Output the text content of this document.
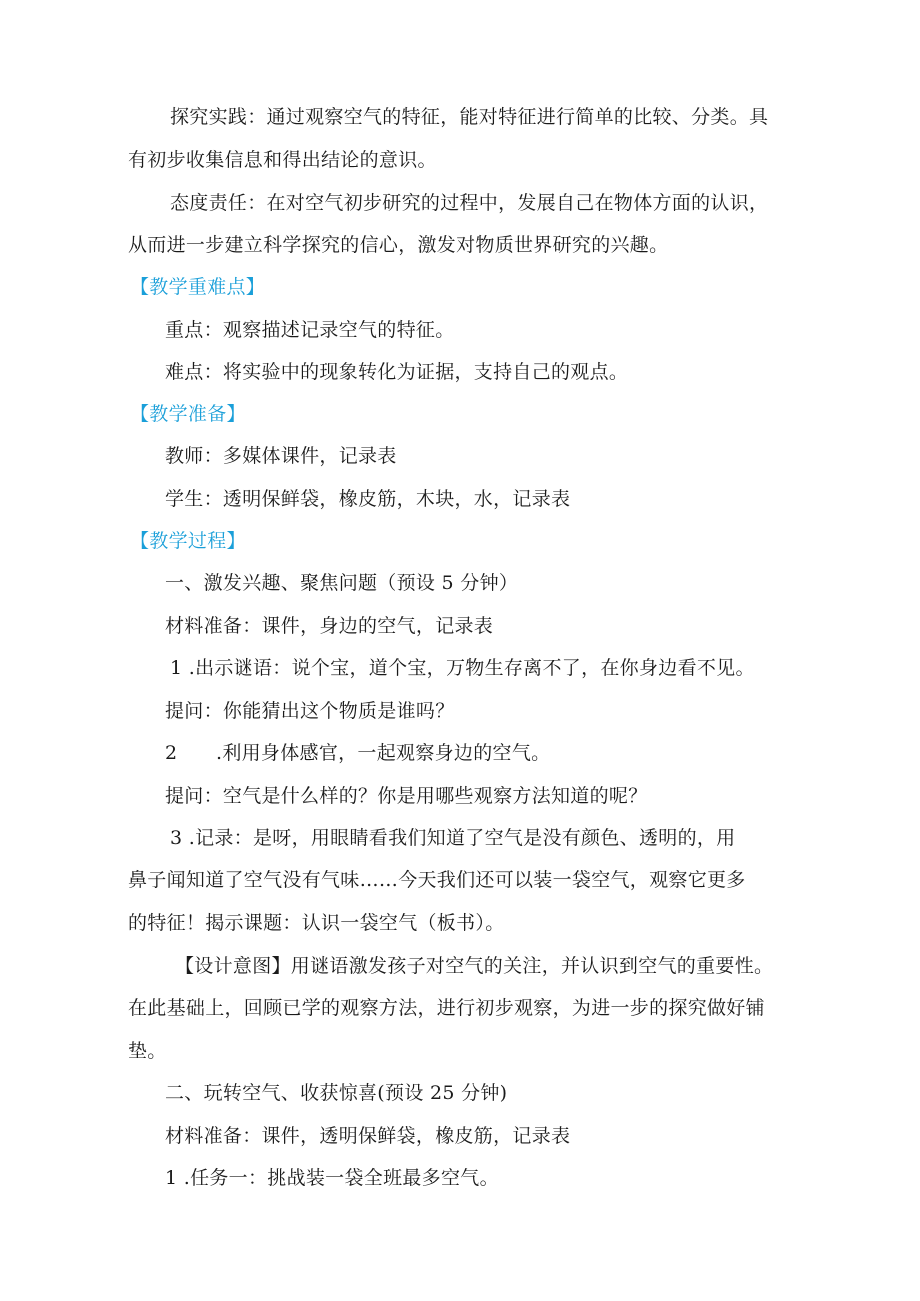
探究实践：通过观察空气的特征，能对特征进行简单的比较、分类。具
有初步收集信息和得出结论的意识。
态度责任：在对空气初步研究的过程中，发展自己在物体方面的认识，
从而进一步建立科学探究的信心，激发对物质世界研究的兴趣。
【教学重难点】
重点：观察描述记录空气的特征。
难点：将实验中的现象转化为证据，支持自己的观点。
【教学准备】
教师：多媒体课件，记录表
学生：透明保鲜袋，橡皮筋，木块，水，记录表
【教学过程】
一、激发兴趣、聚焦问题（预设 5 分钟）
材料准备：课件，身边的空气，记录表
1 .出示谜语：说个宝，道个宝，万物生存离不了，在你身边看不见。
提问：你能猜出这个物质是谁吗？
2　　.利用身体感官，一起观察身边的空气。
提问：空气是什么样的？你是用哪些观察方法知道的呢？
3 .记录：是呀，用眼睛看我们知道了空气是没有颜色、透明的，用
鼻子闻知道了空气没有气味……今天我们还可以装一袋空气，观察它更多
的特征！揭示课题：认识一袋空气（板书）。
【设计意图】用谜语激发孩子对空气的关注，并认识到空气的重要性。
在此基础上，回顾已学的观察方法，进行初步观察，为进一步的探究做好铺
垫。
二、玩转空气、收获惊喜(预设 25 分钟)
材料准备：课件，透明保鲜袋，橡皮筋，记录表
1 .任务一：挑战装一袋全班最多空气。
